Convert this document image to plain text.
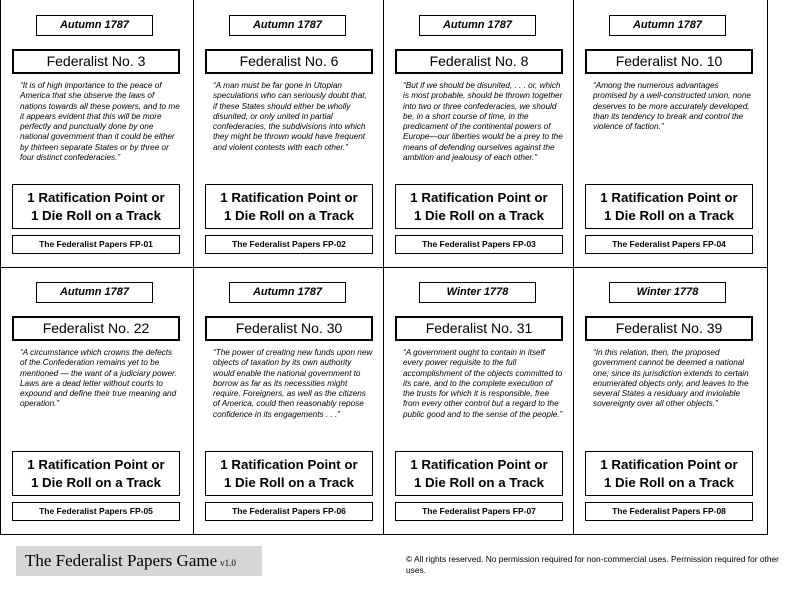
Autumn 1787
Federalist No. 3
“It is of high importance to the peace of America that she observe the laws of nations towards all these powers, and to me it appears evident that this will be more perfectly and punctually done by one national government than it could be either by thirteen separate States or by three or four distinct confederacies.”
1 Ratification Point or
1 Die Roll on a Track
The Federalist Papers FP-01
Autumn 1787
Federalist No. 6
“A man must be far gone in Utopian speculations who can seriously doubt that, if these States should either be wholly disunited, or only united in partial confederacies, the subdivisions into which they might be thrown would have frequent and violent contests with each other.”
1 Ratification Point or
1 Die Roll on a Track
The Federalist Papers FP-02
Autumn 1787
Federalist No. 8
“But if we should be disunited, . . . or, which is most probable, should be thrown together into two or three confederacies, we should be, in a short course of time, in the predicament of the continental powers of Europe—our liberties would be a prey to the means of defending ourselves against the ambition and jealousy of each other.”
1 Ratification Point or
1 Die Roll on a Track
The Federalist Papers FP-03
Autumn 1787
Federalist No. 10
“Among the numerous advantages promised by a well-constructed union, none deserves to be more accurately developed, than its tendency to break and control the violence of faction.”
1 Ratification Point or
1 Die Roll on a Track
The Federalist Papers FP-04
Autumn 1787
Federalist No. 22
“A circumstance which crowns the defects of the Confederation remains yet to be mentioned — the want of a judiciary power. Laws are a dead letter without courts to expound and define their true meaning and operation.”
1 Ratification Point or
1 Die Roll on a Track
The Federalist Papers FP-05
Autumn 1787
Federalist No. 30
“The power of creating new funds upon new objects of taxation by its own authority would enable the national government to borrow as far as its necessities might require. Foreigners, as well as the citizens of America, could then reasonably repose confidence in its engagements . . .”
1 Ratification Point or
1 Die Roll on a Track
The Federalist Papers FP-06
Winter 1778
Federalist No. 31
“A government ought to contain in itself every power requisite to the full accomplishment of the objects committed to its care, and to the complete execution of the trusts for which it is responsible, free from every other control but a regard to the public good and to the sense of the people.”
1 Ratification Point or
1 Die Roll on a Track
The Federalist Papers FP-07
Winter 1778
Federalist No. 39
“In this relation, then, the proposed government cannot be deemed a national one; since its jurisdiction extends to certain enumerated objects only, and leaves to the several States a residuary and inviolable sovereignty over all other objects.”
1 Ratification Point or
1 Die Roll on a Track
The Federalist Papers FP-08
The Federalist Papers Game v1.0	© All rights reserved. No permission required for non-commercial uses. Permission required for other uses.
